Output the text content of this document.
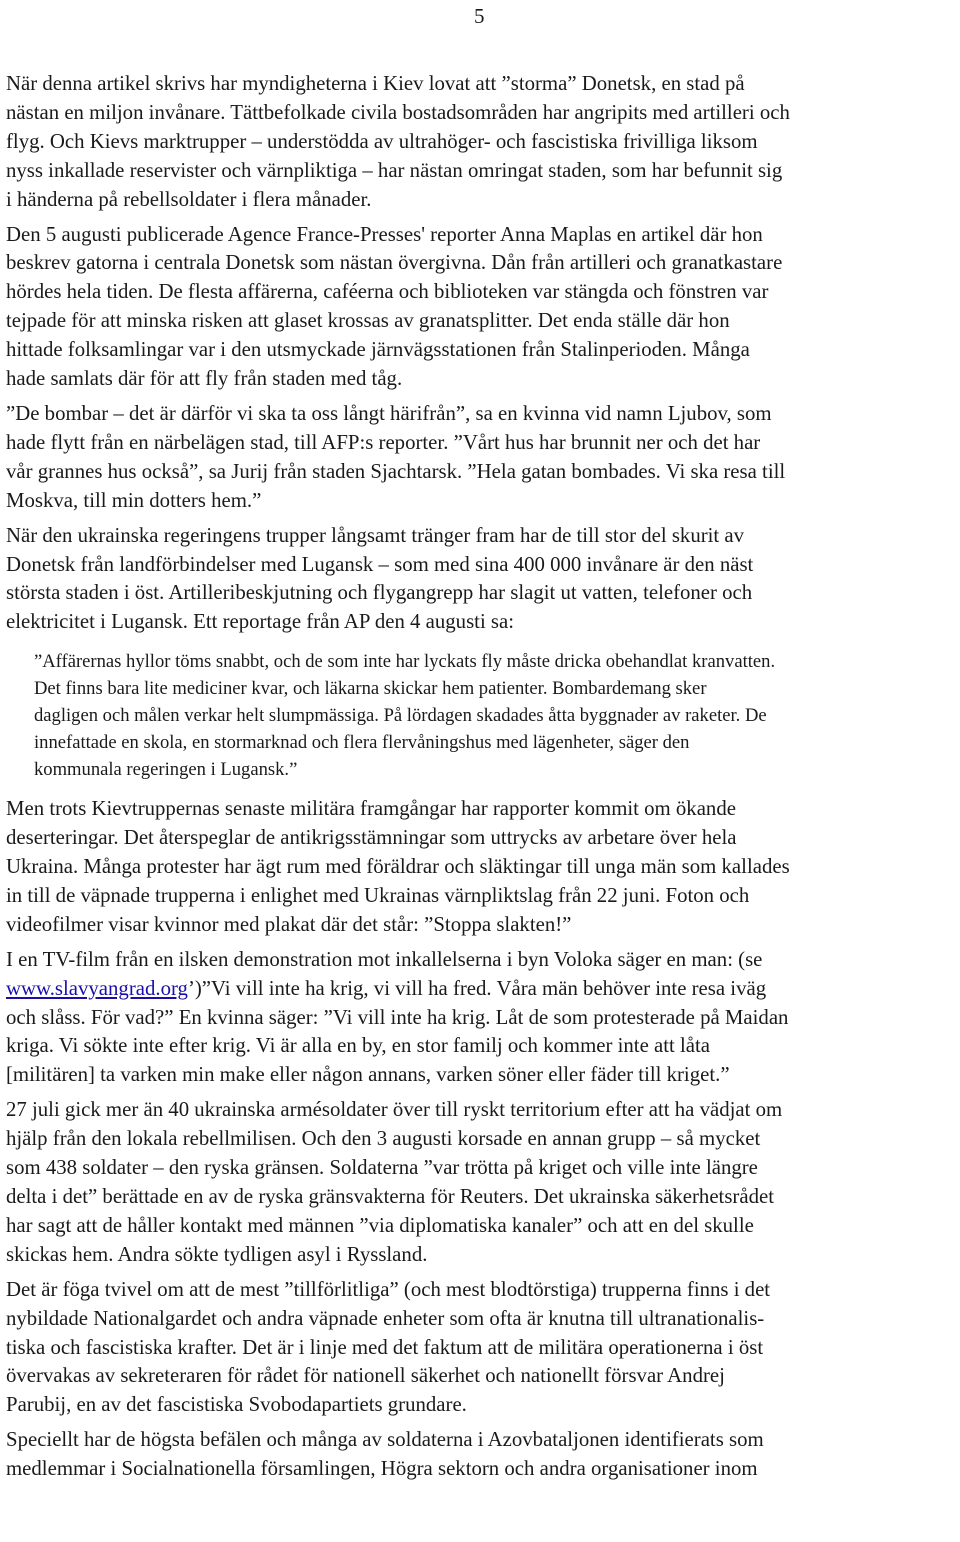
5

När denna artikel skrivs har myndigheterna i Kiev lovat att ”storma” Donetsk, en stad på
nästan en miljon invånare. Tättbefolkade civila bostadsområden har angripits med artilleri och
flyg. Och Kievs marktrupper – understödda av ultrahöger- och fascistiska frivilliga liksom
nyss inkallade reservister och värnpliktiga – har nästan omringat staden, som har befunnit sig
i händerna på rebellsoldater i flera månader.

Den 5 augusti publicerade Agence France-Presses' reporter Anna Maplas en artikel där hon
beskrev gatorna i centrala Donetsk som nästan övergivna. Dån från artilleri och granatkastare
hördes hela tiden. De flesta affärerna, caféerna och biblioteken var stängda och fönstren var
tejpade för att minska risken att glaset krossas av granatsplitter. Det enda ställe där hon
hittade folksamlingar var i den utsmyckade järnvägsstationen från Stalinperioden. Många
hade samlats där för att fly från staden med tåg.

”De bombar – det är därför vi ska ta oss långt härifrån”, sa en kvinna vid namn Ljubov, som
hade flytt från en närbelägen stad, till AFP:s reporter. ”Vårt hus har brunnit ner och det har
vår grannes hus också”, sa Jurij från staden Sjachtarsk. ”Hela gatan bombades. Vi ska resa till
Moskva, till min dotters hem.”

När den ukrainska regeringens trupper långsamt tränger fram har de till stor del skurit av
Donetsk från landförbindelser med Lugansk – som med sina 400 000 invånare är den näst
största staden i öst. Artilleribeskjutning och flygangrepp har slagit ut vatten, telefoner och
elektricitet i Lugansk. Ett reportage från AP den 4 augusti sa:

”Affärernas hyllor töms snabbt, och de som inte har lyckats fly måste dricka obehandlat kranvatten.
Det finns bara lite mediciner kvar, och läkarna skickar hem patienter. Bombardemang sker
dagligen och målen verkar helt slumpmässiga. På lördagen skadades åtta byggnader av raketer. De
innefattade en skola, en stormarknad och flera flervåningshus med lägenheter, säger den
kommunala regeringen i Lugansk.”

Men trots Kievtruppernas senaste militära framgångar har rapporter kommit om ökande
deserteringar. Det återspeglar de antikrigsstämningar som uttrycks av arbetare över hela
Ukraina. Många protester har ägt rum med föräldrar och släktingar till unga män som kallades
in till de väpnade trupperna i enlighet med Ukrainas värnpliktslag från 22 juni. Foton och
videofilmer visar kvinnor med plakat där det står: ”Stoppa slakten!”

I en TV-film från en ilsken demonstration mot inkallelserna i byn Voloka säger en man: (se
www.slavyangrad.org’)”Vi vill inte ha krig, vi vill ha fred. Våra män behöver inte resa iväg
och slåss. För vad?” En kvinna säger: ”Vi vill inte ha krig. Låt de som protesterade på Maidan
kriga. Vi sökte inte efter krig. Vi är alla en by, en stor familj och kommer inte att låta
[militären] ta varken min make eller någon annans, varken söner eller fäder till kriget.”

27 juli gick mer än 40 ukrainska armésoldater över till ryskt territorium efter att ha vädjat om
hjälp från den lokala rebellmilisen. Och den 3 augusti korsade en annan grupp – så mycket
som 438 soldater – den ryska gränsen. Soldaterna ”var trötta på kriget och ville inte längre
delta i det” berättade en av de ryska gränsvakterna för Reuters. Det ukrainska säkerhetsrådet
har sagt att de håller kontakt med männen ”via diplomatiska kanaler” och att en del skulle
skickas hem. Andra sökte tydligen asyl i Ryssland.

Det är föga tvivel om att de mest ”tillförlitliga” (och mest blodtörstiga) trupperna finns i det
nybildade Nationalgardet och andra väpnade enheter som ofta är knutna till ultranationalis-
tiska och fascistiska krafter. Det är i linje med det faktum att de militära operationerna i öst
övervakas av sekreteraren för rådet för nationell säkerhet och nationellt försvar Andrej
Parubij, en av det fascistiska Svobodapartiets grundare.

Speciellt har de högsta befälen och många av soldaterna i Azovbataljonen identifierats som
medlemmar i Socialnationella församlingen, Högra sektorn och andra organisationer inom
